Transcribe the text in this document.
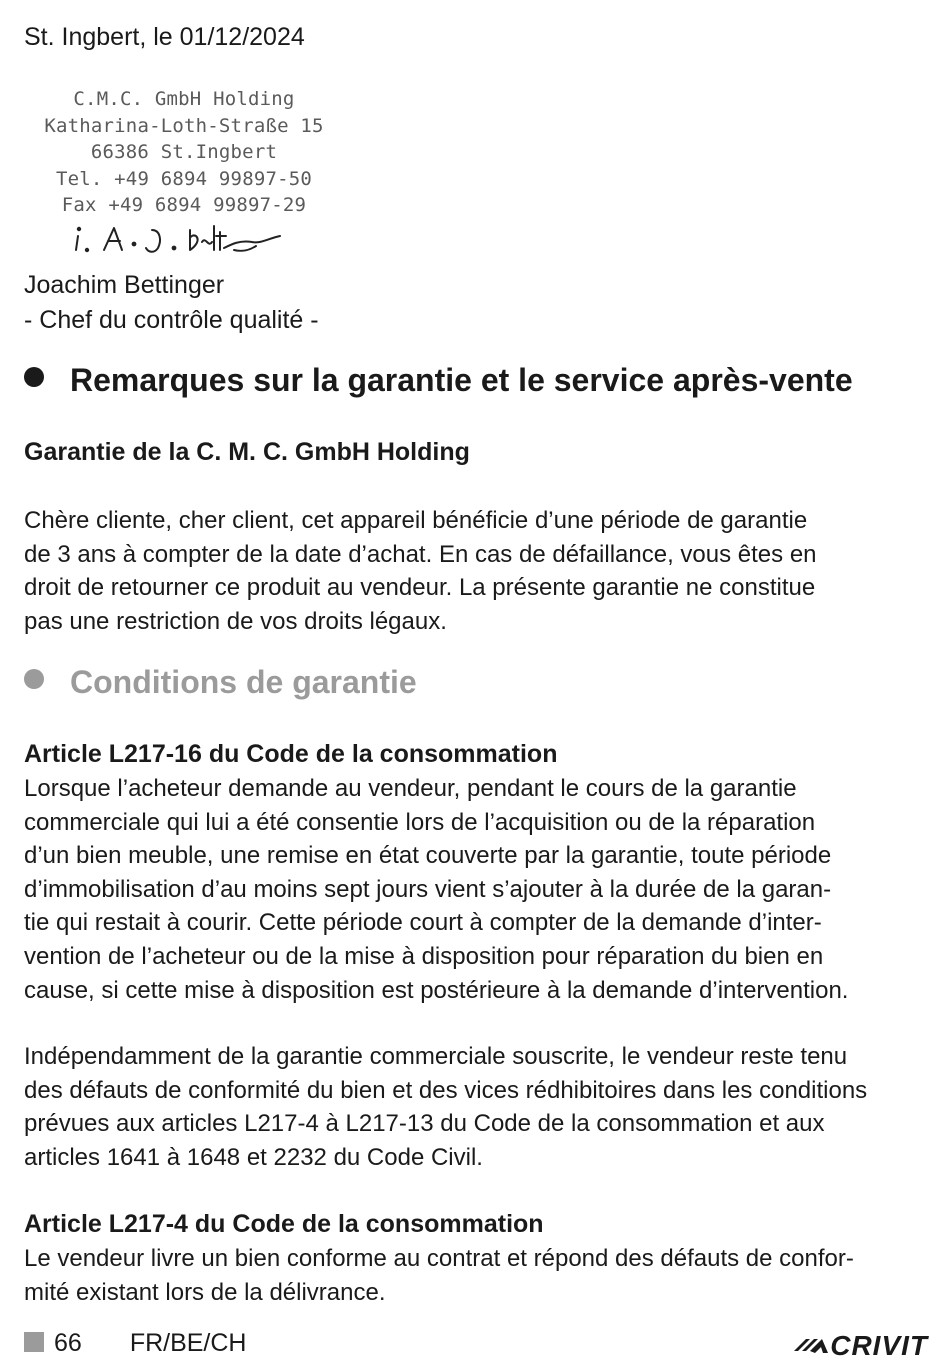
St. Ingbert, le 01/12/2024
C.M.C. GmbH Holding
Katharina-Loth-Straße 15
66386 St.Ingbert
Tel. +49 6894 99897-50
Fax +49 6894 99897-29
Joachim Bettinger
- Chef du contrôle qualité -
Remarques sur la garantie et le service après-vente
Garantie de la C. M. C. GmbH Holding
Chère cliente, cher client, cet appareil bénéficie d’une période de garantie
de 3 ans à compter de la date d’achat. En cas de défaillance, vous êtes en
droit de retourner ce produit au vendeur. La présente garantie ne constitue
pas une restriction de vos droits légaux.
Conditions de garantie
Article L217-16 du Code de la consommation
Lorsque l’acheteur demande au vendeur, pendant le cours de la garantie
commerciale qui lui a été consentie lors de l’acquisition ou de la réparation
d’un bien meuble, une remise en état couverte par la garantie, toute période
d’immobilisation d’au moins sept jours vient s’ajouter à la durée de la garan-
tie qui restait à courir. Cette période court à compter de la demande d’inter-
vention de l’acheteur ou de la mise à disposition pour réparation du bien en
cause, si cette mise à disposition est postérieure à la demande d’intervention.
Indépendamment de la garantie commerciale souscrite, le vendeur reste tenu
des défauts de conformité du bien et des vices rédhibitoires dans les conditions
prévues aux articles L217-4 à L217-13 du Code de la consommation et aux
articles 1641 à 1648 et 2232 du Code Civil.
Article L217-4 du Code de la consommation
Le vendeur livre un bien conforme au contrat et répond des défauts de confor-
mité existant lors de la délivrance.
66 FR/BE/CH	CRIVIT
